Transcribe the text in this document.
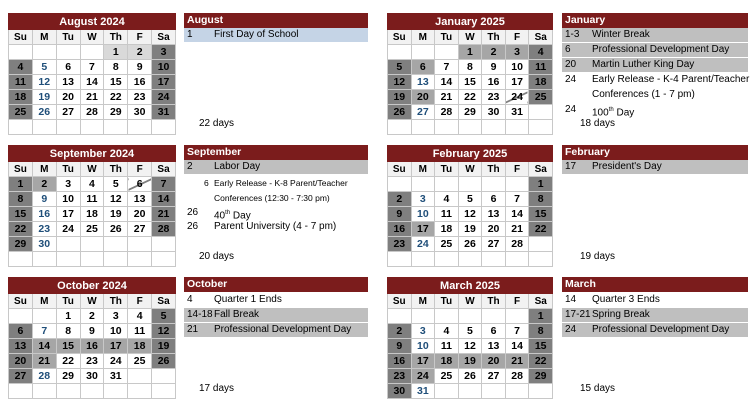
August 2024						
Su	M	Tu	W	Th	F	Sa
				1	2	3
4	5	6	7	8	9	10
11	12	13	14	15	16	17
18	19	20	21	22	23	24
25	26	27	28	29	30	31

August
1 First Day of School
22 days
January 2025						
Su	M	Tu	W	Th	F	Sa
			1	2	3	4
5	6	7	8	9	10	11
12	13	14	15	16	17	18
19	20	21	22	23	24	25
26	27	28	29	30	31	

January
1-3 Winter Break
6 Professional Development Day
20 Martin Luther King Day
24 Early Release - K-4 Parent/Teacher
Conferences (1 - 7 pm)
24 100th Day
18 days
September 2024						
Su	M	Tu	W	Th	F	Sa
1	2	3	4	5	6	7
8	9	10	11	12	13	14
15	16	17	18	19	20	21
22	23	24	25	26	27	28
29	30					

September
2 Labor Day
6 Early Release - K-8 Parent/Teacher
Conferences (12:30 - 7:30 pm)
26 40th Day
26 Parent University (4 - 7 pm)
20 days
February 2025						
Su	M	Tu	W	Th	F	Sa
						1
2	3	4	5	6	7	8
9	10	11	12	13	14	15
16	17	18	19	20	21	22
23	24	25	26	27	28	

February
17 President's Day
19 days
October 2024						
Su	M	Tu	W	Th	F	Sa
		1	2	3	4	5
6	7	8	9	10	11	12
13	14	15	16	17	18	19
20	21	22	23	24	25	26
27	28	29	30	31		

October
4 Quarter 1 Ends
14-18 Fall Break
21 Professional Development Day
17 days
March 2025						
Su	M	Tu	W	Th	F	Sa
						1
2	3	4	5	6	7	8
9	10	11	12	13	14	15
16	17	18	19	20	21	22
23	24	25	26	27	28	29
30	31					
March
14 Quarter 3 Ends
17-21 Spring Break
24 Professional Development Day
15 days
